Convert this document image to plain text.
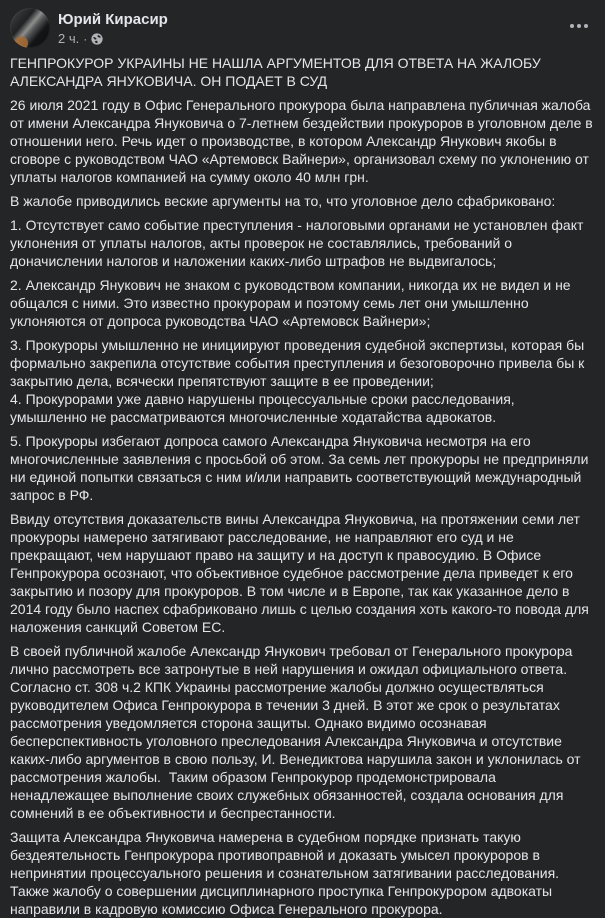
Юрий Кирасир
2 ч. ·

ГЕНПРОКУРОР УКРАИНЫ НЕ НАШЛА АРГУМЕНТОВ ДЛЯ ОТВЕТА НА ЖАЛОБУ АЛЕКСАНДРА ЯНУКОВИЧА. ОН ПОДАЕТ В СУД

26 июля 2021 году в Офис Генерального прокурора была направлена публичная жалоба от имени Александра Януковича о 7-летнем бездействии прокуроров в уголовном деле в отношении него. Речь идет о производстве, в котором Александр Янукович якобы в сговоре с руководством ЧАО «Артемовск Вайнери», организовал схему по уклонению от уплаты налогов компанией на сумму около 40 млн грн.

В жалобе приводились веские аргументы на то, что уголовное дело сфабриковано:

1. Отсутствует само событие преступления - налоговыми органами не установлен факт уклонения от уплаты налогов, акты проверок не составлялись, требований о доначислении налогов и наложении каких-либо штрафов не выдвигалось;

2. Александр Янукович не знаком с руководством компании, никогда их не видел и не общался с ними. Это известно прокурорам и поэтому семь лет они умышленно уклоняются от допроса руководства ЧАО «Артемовск Вайнери»;

3. Прокуроры умышленно не инициируют проведения судебной экспертизы, которая бы формально закрепила отсутствие события преступления и безоговорочно привела бы к закрытию дела, всячески препятствуют защите в ее проведении;

4. Прокурорами уже давно нарушены процессуальные сроки расследования, умышленно не рассматриваются многочисленные ходатайства адвокатов.

5. Прокуроры избегают допроса самого Александра Януковича несмотря на его многочисленные заявления с просьбой об этом. За семь лет прокуроры не предприняли ни единой попытки связаться с ним и/или направить соответствующий международный запрос в РФ.

Ввиду отсутствия доказательств вины Александра Януковича, на протяжении семи лет прокуроры намерено затягивают расследование, не направляют его суд и не прекращают, чем нарушают право на защиту и на доступ к правосудию. В Офисе Генпрокурора осознают, что объективное судебное рассмотрение дела приведет к его закрытию и позору для прокуроров. В том числе и в Европе, так как указанное дело в 2014 году было наспех сфабриковано лишь с целью создания хоть какого-то повода для наложения санкций Советом ЕС.

В своей публичной жалобе Александр Янукович требовал от Генерального прокурора лично рассмотреть все затронутые в ней нарушения и ожидал официального ответа. Согласно ст. 308 ч.2 КПК Украины рассмотрение жалобы должно осуществляться руководителем Офиса Генпрокурора в течении 3 дней. В этот же срок о результатах рассмотрения уведомляется сторона защиты. Однако видимо осознавая бесперспективность уголовного преследования Александра Януковича и отсутствие каких-либо аргументов в свою пользу, И. Венедиктова нарушила закон и уклонилась от рассмотрения жалобы.  Таким образом Генпрокурор продемонстрировала ненадлежащее выполнение своих служебных обязанностей, создала основания для сомнений в ее объективности и беспрестанности.

Защита Александра Януковича намерена в судебном порядке признать такую бездеятельность Генпрокурора противоправной и доказать умысел прокуроров в непринятии процессуального решения и сознательном затягивании расследования. Также жалобу о совершении дисциплинарного проступка Генпрокурором адвокаты направили в кадровую комиссию Офиса Генерального прокурора.
